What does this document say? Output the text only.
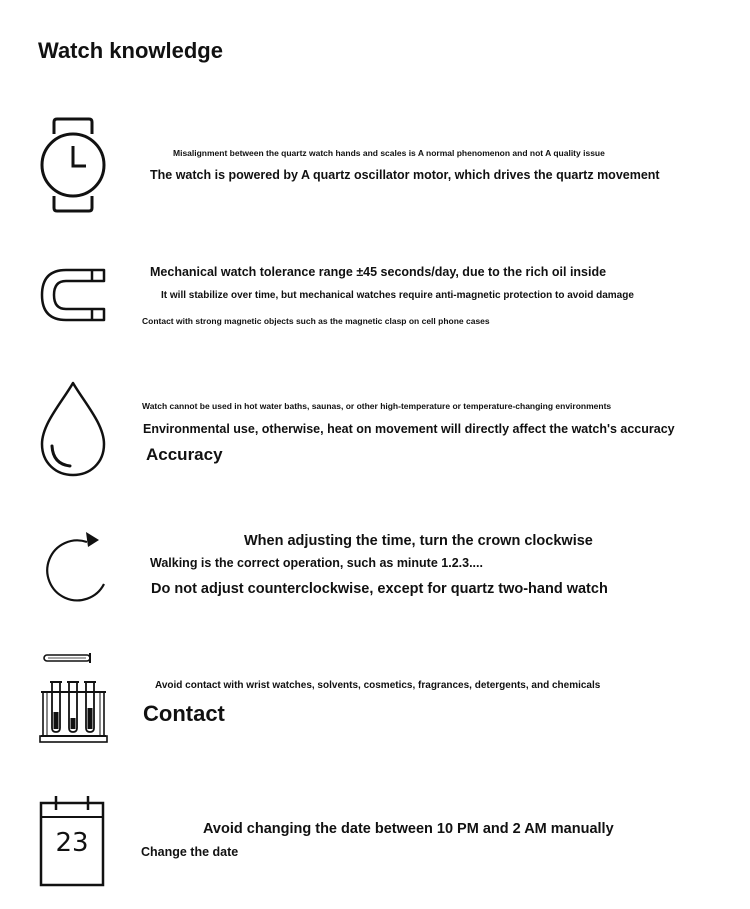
Watch knowledge
Misalignment between the quartz watch hands and scales is A normal phenomenon and not A quality issue
The watch is powered by A quartz oscillator motor, which drives the quartz movement
Mechanical watch tolerance range ±45 seconds/day, due to the rich oil inside
It will stabilize over time, but mechanical watches require anti-magnetic protection to avoid damage
Contact with strong magnetic objects such as the magnetic clasp on cell phone cases
Watch cannot be used in hot water baths, saunas, or other high-temperature or temperature-changing environments
Environmental use, otherwise, heat on movement will directly affect the watch's accuracy
Accuracy
When adjusting the time, turn the crown clockwise
Walking is the correct operation, such as minute 1.2.3....
Do not adjust counterclockwise, except for quartz two-hand watch
Avoid contact with wrist watches, solvents, cosmetics, fragrances, detergents, and chemicals
Contact
23	Avoid changing the date between 10 PM and 2 AM manually
Change the date
